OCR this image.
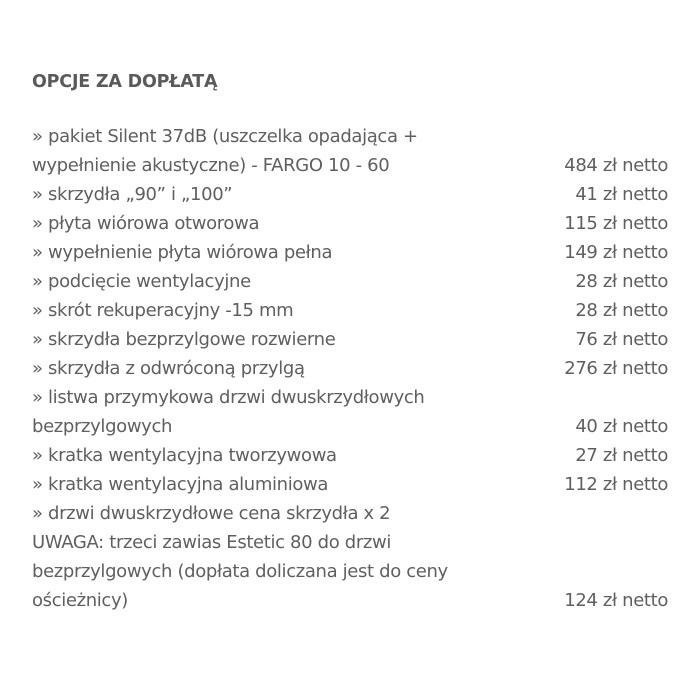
OPCJE ZA DOPŁATĄ
» pakiet Silent 37dB (uszczelka opadająca +
wypełnienie akustyczne) - FARGO 10 - 60	484 zł netto
» skrzydła „90” i „100”	41 zł netto
» płyta wiórowa otworowa	115 zł netto
» wypełnienie płyta wiórowa pełna	149 zł netto
» podcięcie wentylacyjne	28 zł netto
» skrót rekuperacyjny -15 mm	28 zł netto
» skrzydła bezprzylgowe rozwierne	76 zł netto
» skrzydła z odwróconą przylgą	276 zł netto
» listwa przymykowa drzwi dwuskrzydłowych
bezprzylgowych	40 zł netto
» kratka wentylacyjna tworzywowa	27 zł netto
» kratka wentylacyjna aluminiowa	112 zł netto
» drzwi dwuskrzydłowe cena skrzydła x 2
UWAGA: trzeci zawias Estetic 80 do drzwi
bezprzylgowych (dopłata doliczana jest do ceny
ościeżnicy)	124 zł netto
